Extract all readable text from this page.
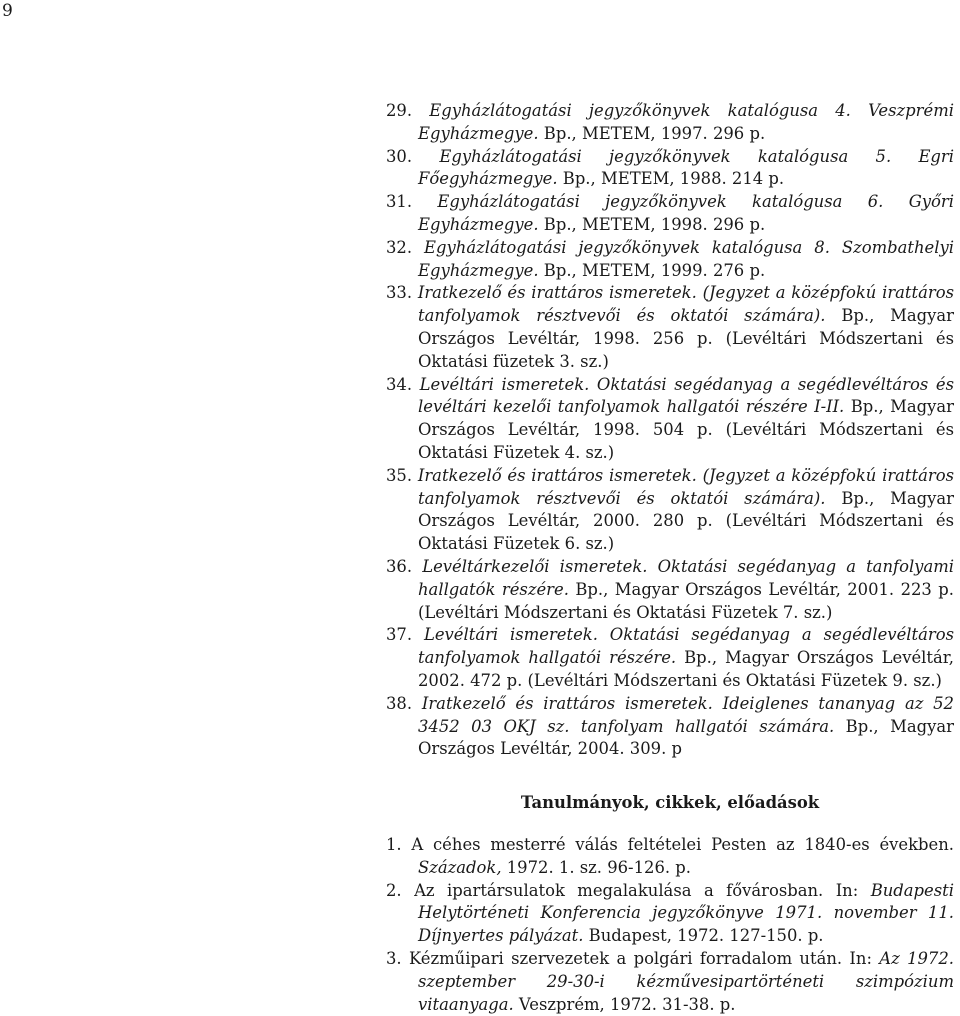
9

29. Egyházlátogatási jegyzőkönyvek katalógusa 4. Veszprémi Egyházmegye. Bp., METEM, 1997. 296 p.

30. Egyházlátogatási jegyzőkönyvek katalógusa 5. Egri Főegyházmegye. Bp., METEM, 1988. 214 p.

31. Egyházlátogatási jegyzőkönyvek katalógusa 6. Győri Egyházmegye. Bp., METEM, 1998. 296 p.

32. Egyházlátogatási jegyzőkönyvek katalógusa 8. Szombathelyi Egyházmegye. Bp., METEM, 1999. 276 p.

33. Iratkezelő és irattáros ismeretek. (Jegyzet a középfokú irattáros tanfolyamok résztvevői és oktatói számára). Bp., Magyar Országos Levéltár, 1998. 256 p. (Levéltári Módszertani és Oktatási füzetek 3. sz.)

34. Levéltári ismeretek. Oktatási segédanyag a segédlevéltáros és levéltári kezelői tanfolyamok hallgatói részére I-II. Bp., Magyar Országos Levéltár, 1998. 504 p. (Levéltári Módszertani és Oktatási Füzetek 4. sz.)

35. Iratkezelő és irattáros ismeretek. (Jegyzet a középfokú irattáros tanfolyamok résztvevői és oktatói számára). Bp., Magyar Országos Levéltár, 2000. 280 p. (Levéltári Módszertani és Oktatási Füzetek 6. sz.)

36. Levéltárkezelői ismeretek. Oktatási segédanyag a tanfolyami hallgatók részére. Bp., Magyar Országos Levéltár, 2001. 223 p. (Levéltári Módszertani és Oktatási Füzetek 7. sz.)

37. Levéltári ismeretek. Oktatási segédanyag a segédlevéltáros tanfolyamok hallgatói részére. Bp., Magyar Országos Levéltár, 2002. 472 p. (Levéltári Módszertani és Oktatási Füzetek 9. sz.)

38. Iratkezelő és irattáros ismeretek. Ideiglenes tananyag az 52 3452 03 OKJ sz. tanfolyam hallgatói számára. Bp., Magyar Országos Levéltár, 2004. 309. p

Tanulmányok, cikkek, előadások

1. A céhes mesterré válás feltételei Pesten az 1840-es években. Századok, 1972. 1. sz. 96-126. p.

2. Az ipartársulatok megalakulása a fővárosban. In: Budapesti Helytörténeti Konferencia jegyzőkönyve 1971. november 11. Díjnyertes pályázat. Budapest, 1972. 127-150. p.

3. Kézműipari szervezetek a polgári forradalom után. In: Az 1972. szeptember 29-30-i kézművesipartörténeti szimpózium vitaanyaga. Veszprém, 1972. 31-38. p.
